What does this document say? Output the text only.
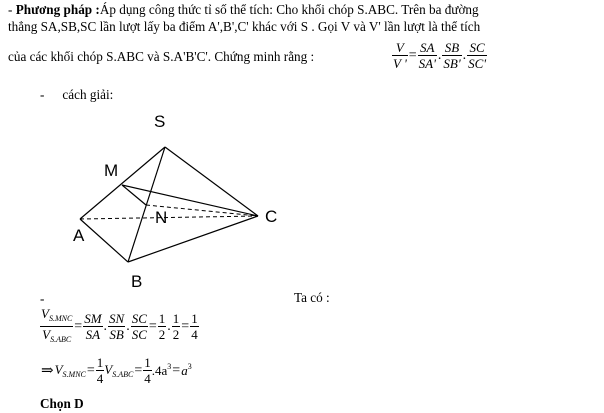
- Phương pháp :Áp dụng công thức tỉ số thể tích: Cho khối chóp S.ABC. Trên ba đường
thẳng SA,SB,SC lần lượt lấy ba điểm A',B',C' khác với S . Gọi V và V' lần lượt là thể tích
của các khối chóp S.ABC và S.A'B'C'. Chứng minh rằng :	$\frac{V}{V '} = \frac{SA}{SA'}$ . $\frac{SB}{SB'}$ . $\frac{SC}{SC'}$
- cách giải:
S
M
N
A
B
C
-	Ta có :
$\frac{V_{S.MNC}}{V_{S.ABC}} = \frac{SM}{SA}$ . $\frac{SN}{SB}$ . $\frac{SC}{SC} = \frac{1}{2}$ . $\frac{1}{2} = \frac{1}{4}$
$\Rightarrow V_{S.MNC}= \frac{1}{4} V_{S.ABC}= \frac{1}{4} .4a^3=a^3$
Chọn D
